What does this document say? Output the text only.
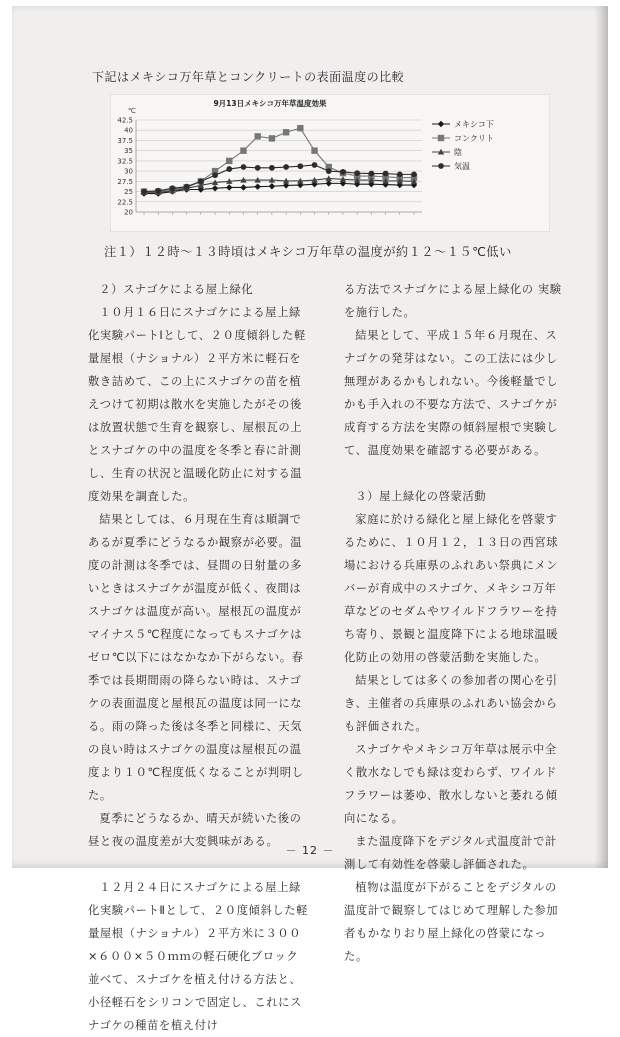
下記はメキシコ万年草とコンクリートの表面温度の比較
9月13日メキシコ万年草温度効果
℃
42.5
40
37.5
35
32.5
30
27.5
25
22.5
20
メキシコ下
コンクリト
陰
気温
注１）１２時～１３時頃はメキシコ万年草の温度が約１２～１５℃低い

２）スナゴケによる屋上緑化

１０月１６日にスナゴケによる屋上緑化実験パートⅠとして、２０度傾斜した軽量屋根（ナショナル）２平方米に軽石を敷き詰めて、この上にスナゴケの苗を植えつけて初期は散水を実施したがその後は放置状態で生育を観察し、屋根瓦の上とスナゴケの中の温度を冬季と春に計測し、生育の状況と温暖化防止に対する温度効果を調査した。

結果としては、６月現在生育は順調であるが夏季にどうなるか観察が必要。温度の計測は冬季では、昼間の日射量の多いときはスナゴケが温度が低く、夜間はスナゴケは温度が高い。屋根瓦の温度がマイナス５℃程度になってもスナゴケはゼロ℃以下にはなかなか下がらない。春季では長期間雨の降らない時は、スナゴケの表面温度と屋根瓦の温度は同一になる。雨の降った後は冬季と同様に、天気の良い時はスナゴケの温度は屋根瓦の温度より１０℃程度低くなることが判明した。

夏季にどうなるか、晴天が続いた後の昼と夜の温度差が大変興味がある。

１２月２４日にスナゴケによる屋上緑化実験パートⅡとして、２０度傾斜した軽量屋根（ナショナル）２平方米に３００×６００×５０ｍｍの軽石硬化ブロック並べて、スナゴケを植え付ける方法と、小径軽石をシリコンで固定し、これにスナゴケの種苗を植え付け

る方法でスナゴケによる屋上緑化の 実験を施行した。

結果として、平成１５年６月現在、スナゴケの発芽はない。この工法には少し無理があるかもしれない。今後軽量でしかも手入れの不要な方法で、スナゴケが成育する方法を実際の傾斜屋根で実験して、温度効果を確認する必要がある。

３）屋上緑化の啓蒙活動

家庭に於ける緑化と屋上緑化を啓蒙するために、１０月１２，１３日の西宮球場における兵庫県のふれあい祭典にメンバーが育成中のスナゴケ、メキシコ万年草などのセダムやワイルドフラワーを持ち寄り、景観と温度降下による地球温暖化防止の効用の啓蒙活動を実施した。

結果としては多くの参加者の関心を引き、主催者の兵庫県のふれあい協会からも評価された。

スナゴケやメキシコ万年草は展示中全く散水なしでも緑は変わらず、ワイルドフラワーは萎ゆ、散水しないと萎れる傾向になる。

また温度降下をデジタル式温度計で計測して有効性を啓蒙し評価された。

植物は温度が下がることをデジタルの温度計で観察してはじめて理解した参加者もかなりおり屋上緑化の啓蒙になった。

－ 12 －
